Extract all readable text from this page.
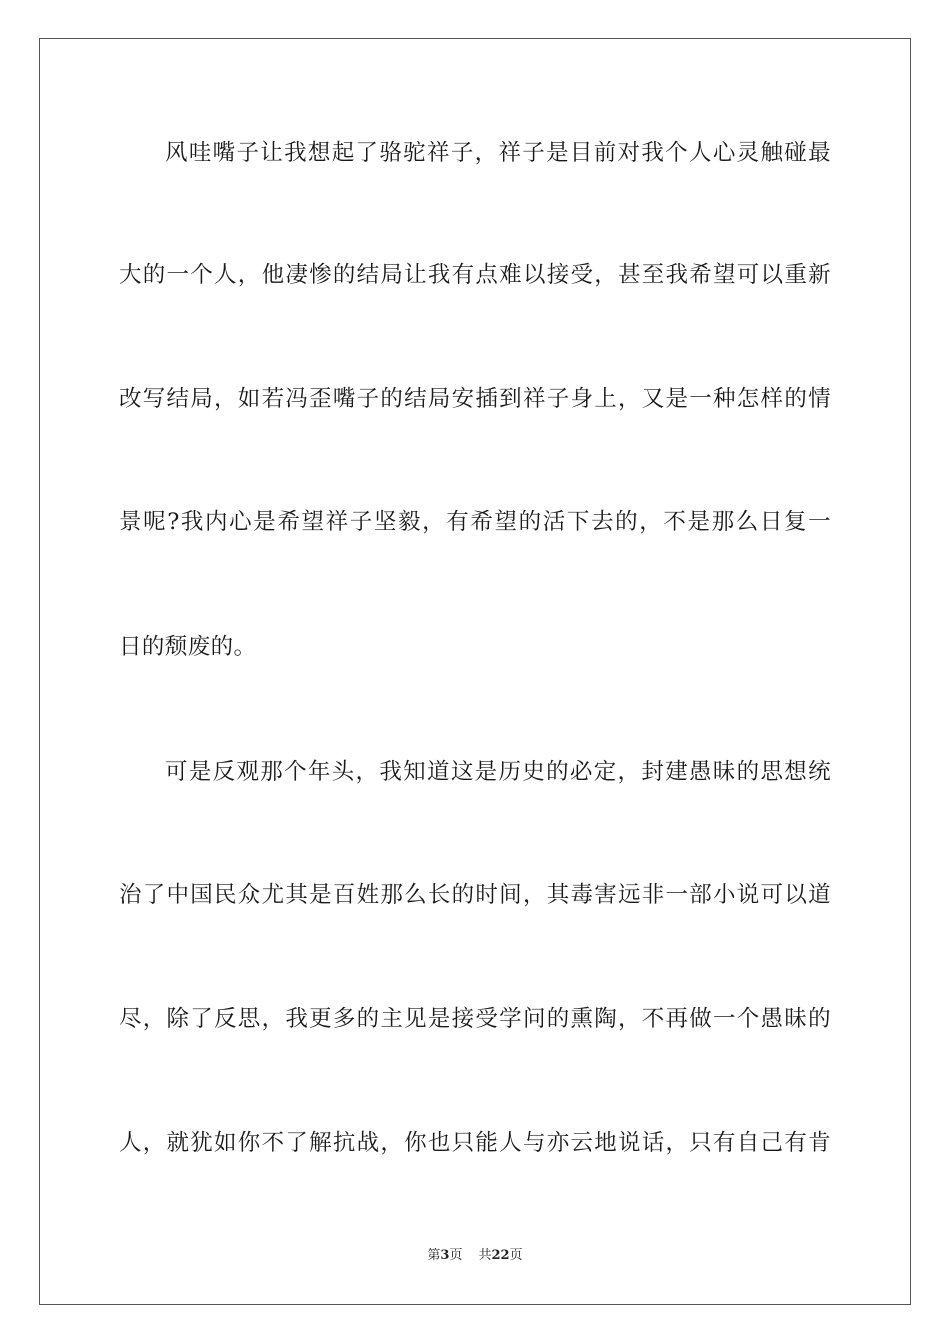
风哇嘴子让我想起了骆驼祥子，祥子是目前对我个人心灵触碰最
大的一个人，他凄惨的结局让我有点难以接受，甚至我希望可以重新
改写结局，如若冯歪嘴子的结局安插到祥子身上，又是一种怎样的情
景呢?我内心是希望祥子坚毅，有希望的活下去的，不是那么日复一
日的颓废的。
可是反观那个年头，我知道这是历史的必定，封建愚昧的思想统
治了中国民众尤其是百姓那么长的时间，其毒害远非一部小说可以道
尽，除了反思，我更多的主见是接受学问的熏陶，不再做一个愚昧的
人，就犹如你不了解抗战，你也只能人与亦云地说话，只有自己有肯
第3页 共22页
